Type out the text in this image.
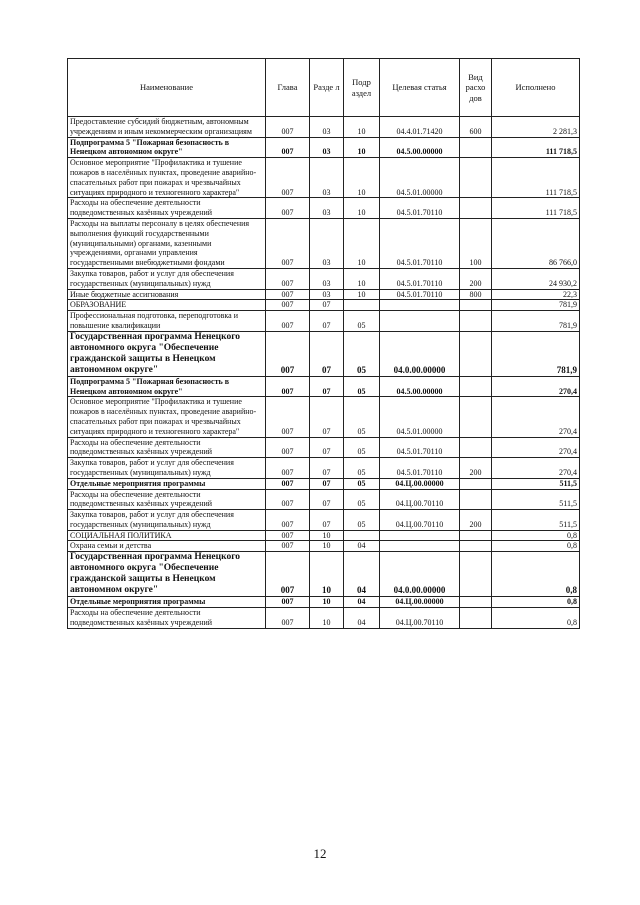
Наименование	Глава	Разде л	Подр аздел	Целевая статья	Вид расхо дов	Исполнено
Предоставление субсидий бюджетным, автономным учреждениям и иным некоммерческим организациям	007	03	10	04.4.01.71420	600	2 281,3
Подпрограмма 5 "Пожарная безопасность в Ненецком автономном округе"	007	03	10	04.5.00.00000		111 718,5
Основное мероприятие "Профилактика и тушение пожаров в населённых пунктах, проведение аварийно-спасательных работ при пожарах и чрезвычайных ситуациях природного и техногенного характера"	007	03	10	04.5.01.00000		111 718,5
Расходы на обеспечение деятельности подведомственных казённых учреждений	007	03	10	04.5.01.70110		111 718,5
Расходы на выплаты персоналу в целях обеспечения выполнения функций государственными (муниципальными) органами, казенными учреждениями, органами управления государственными внебюджетными фондами	007	03	10	04.5.01.70110	100	86 766,0
Закупка товаров, работ и услуг для обеспечения государственных (муниципальных) нужд	007	03	10	04.5.01.70110	200	24 930,2
Иные бюджетные ассигнования	007	03	10	04.5.01.70110	800	22,3
ОБРАЗОВАНИЕ	007	07				781,9
Профессиональная подготовка, переподготовка и повышение квалификации	007	07	05			781,9
Государственная программа Ненецкого автономного округа "Обеспечение гражданской защиты в Ненецком автономном округе"	007	07	05	04.0.00.00000		781,9
Подпрограмма 5 "Пожарная безопасность в Ненецком автономном округе"	007	07	05	04.5.00.00000		270,4
Основное мероприятие "Профилактика и тушение пожаров в населённых пунктах, проведение аварийно-спасательных работ при пожарах и чрезвычайных ситуациях природного и техногенного характера"	007	07	05	04.5.01.00000		270,4
Расходы на обеспечение деятельности подведомственных казённых учреждений	007	07	05	04.5.01.70110		270,4
Закупка товаров, работ и услуг для обеспечения государственных (муниципальных) нужд	007	07	05	04.5.01.70110	200	270,4
Отдельные мероприятия программы	007	07	05	04.Ц.00.00000		511,5
Расходы на обеспечение деятельности подведомственных казённых учреждений	007	07	05	04.Ц.00.70110		511,5
Закупка товаров, работ и услуг для обеспечения государственных (муниципальных) нужд	007	07	05	04.Ц.00.70110	200	511,5
СОЦИАЛЬНАЯ ПОЛИТИКА	007	10				0,8
Охрана семьи и детства	007	10	04			0,8
Государственная программа Ненецкого автономного округа "Обеспечение гражданской защиты в Ненецком автономном округе"	007	10	04	04.0.00.00000		0,8
Отдельные мероприятия программы	007	10	04	04.Ц.00.00000		0,8
Расходы на обеспечение деятельности подведомственных казённых учреждений	007	10	04	04.Ц.00.70110		0,8
12
